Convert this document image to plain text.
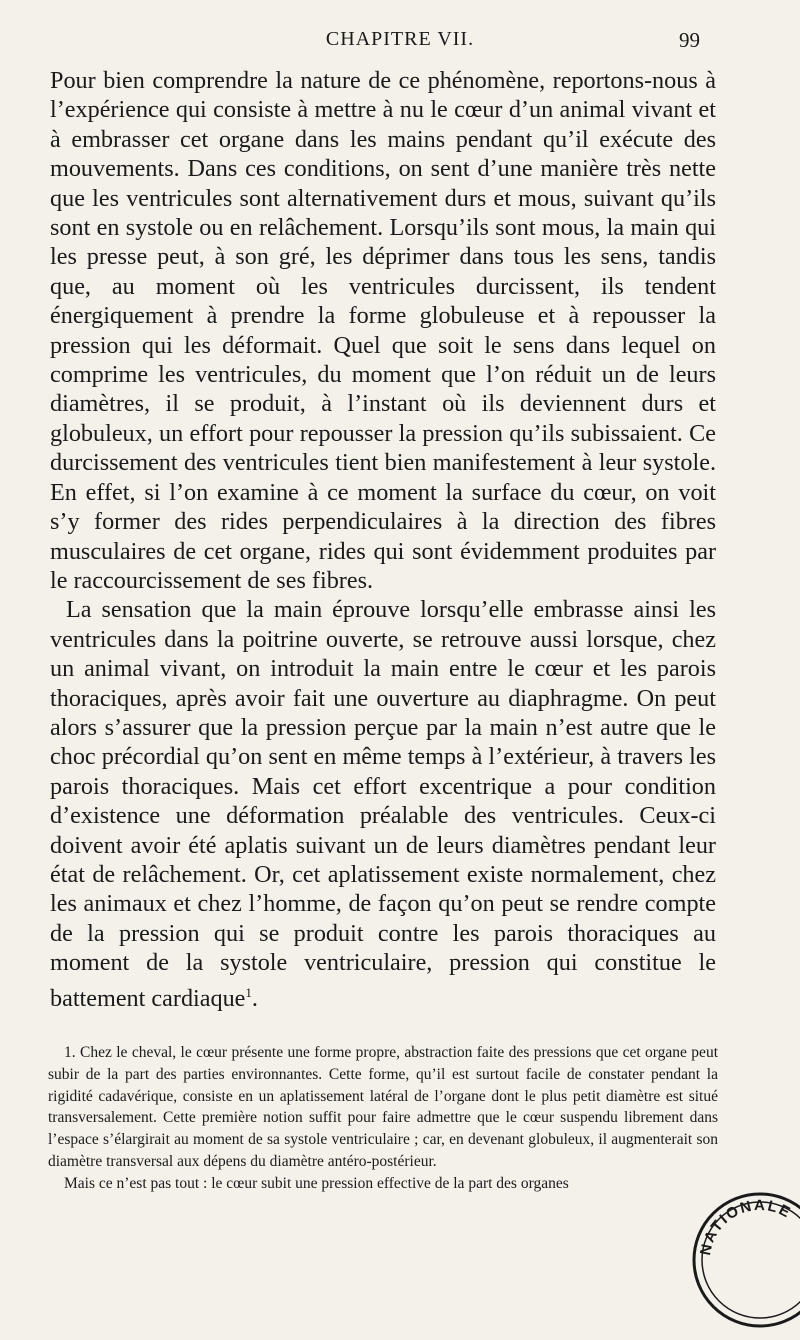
CHAPITRE VII.	99

Pour bien comprendre la nature de ce phénomène, reportons-nous à l’expérience qui consiste à mettre à nu le cœur d’un animal vivant et à embrasser cet organe dans les mains pendant qu’il exécute des mouvements. Dans ces conditions, on sent d’une manière très nette que les ventricules sont alternativement durs et mous, suivant qu’ils sont en systole ou en relâchement. Lorsqu’ils sont mous, la main qui les presse peut, à son gré, les déprimer dans tous les sens, tandis que, au moment où les ventricules durcissent, ils tendent énergiquement à prendre la forme globuleuse et à repousser la pression qui les déformait. Quel que soit le sens dans lequel on comprime les ventricules, du moment que l’on réduit un de leurs diamètres, il se produit, à l’instant où ils deviennent durs et globuleux, un effort pour repousser la pression qu’ils subissaient. Ce durcissement des ventricules tient bien manifestement à leur systole. En effet, si l’on examine à ce moment la surface du cœur, on voit s’y former des rides perpendiculaires à la direction des fibres musculaires de cet organe, rides qui sont évidemment produites par le raccourcissement de ses fibres.

La sensation que la main éprouve lorsqu’elle embrasse ainsi les ventricules dans la poitrine ouverte, se retrouve aussi lorsque, chez un animal vivant, on introduit la main entre le cœur et les parois thoraciques, après avoir fait une ouverture au diaphragme. On peut alors s’assurer que la pression perçue par la main n’est autre que le choc précordial qu’on sent en même temps à l’extérieur, à travers les parois thoraciques. Mais cet effort excentrique a pour condition d’existence une déformation préalable des ventricules. Ceux-ci doivent avoir été aplatis suivant un de leurs diamètres pendant leur état de relâchement. Or, cet aplatissement existe normalement, chez les animaux et chez l’homme, de façon qu’on peut se rendre compte de la pression qui se produit contre les parois thoraciques au moment de la systole ventriculaire, pression qui constitue le battement cardiaque$^1$.

1. Chez le cheval, le cœur présente une forme propre, abstraction faite des pressions que cet organe peut subir de la part des parties environnantes. Cette forme, qu’il est surtout facile de constater pendant la rigidité cadavérique, consiste en un aplatissement latéral de l’organe dont le plus petit diamètre est situé transversalement. Cette première notion suffit pour faire admettre que le cœur suspendu librement dans l’espace s’élargirait au moment de sa systole ventriculaire ; car, en devenant globuleux, il augmenterait son diamètre transversal aux dépens du diamètre antéro-postérieur.

Mais ce n’est pas tout : le cœur subit une pression effective de la part des organes

NATIONALE
